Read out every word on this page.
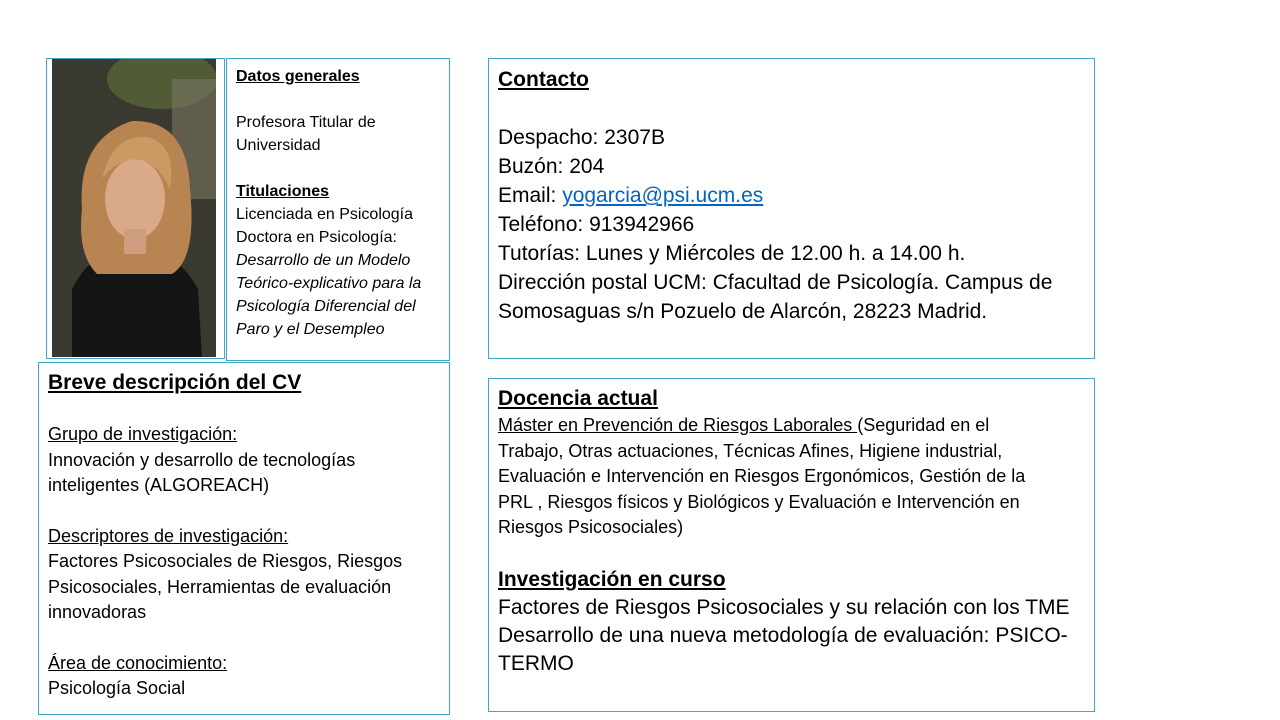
Datos generales
Profesora Titular de
Universidad
Titulaciones
Licenciada en Psicología
Doctora en Psicología:
Desarrollo de un Modelo
Teórico-explicativo para la
Psicología Diferencial del
Paro y el Desempleo
Contacto
Despacho: 2307B
Buzón: 204
Email: yogarcia@psi.ucm.es
Teléfono: 913942966
Tutorías: Lunes y Miércoles de 12.00 h. a 14.00 h.
Dirección postal UCM: Cfacultad de Psicología. Campus de
Somosaguas s/n Pozuelo de Alarcón, 28223 Madrid.
Breve descripción del CV
Grupo de investigación:
Innovación y desarrollo de tecnologías
inteligentes (ALGOREACH)
Descriptores de investigación:
Factores Psicosociales de Riesgos, Riesgos
Psicosociales, Herramientas de evaluación
innovadoras
Área de conocimiento:
Psicología Social
Docencia actual
Máster en Prevención de Riesgos Laborales (Seguridad en el
Trabajo, Otras actuaciones, Técnicas Afines, Higiene industrial,
Evaluación e Intervención en Riesgos Ergonómicos, Gestión de la
PRL , Riesgos físicos y Biológicos y Evaluación e Intervención en
Riesgos Psicosociales)
Investigación en curso
Factores de Riesgos Psicosociales y su relación con los TME
Desarrollo de una nueva metodología de evaluación: PSICO-
TERMO
